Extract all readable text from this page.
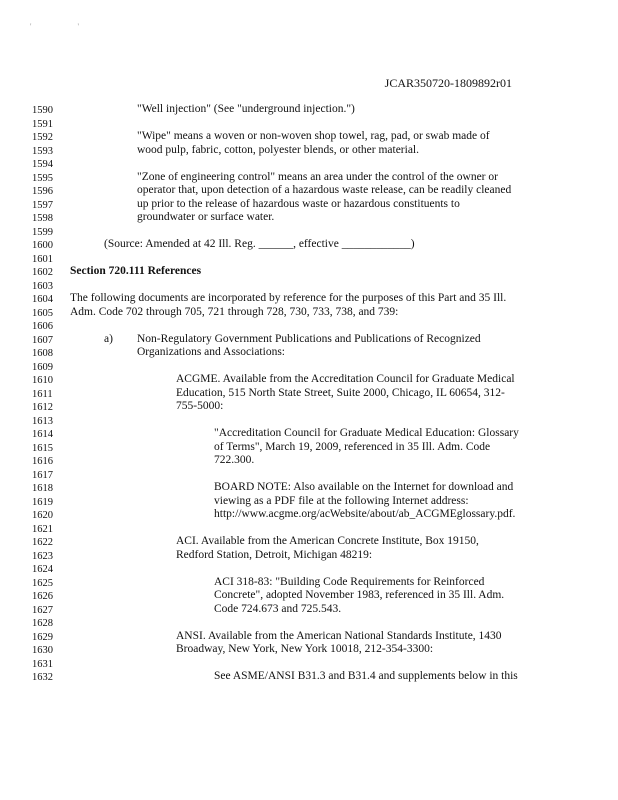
' '
JCAR350720-1809892r01
1590
1591
1592
1593
1594
1595
1596
1597
1598
1599
1600
1601
1602
1603
1604
1605
1606
1607
1608
1609
1610
1611
1612
1613
1614
1615
1616
1617
1618
1619
1620
1621
1622
1623
1624
1625
1626
1627
1628
1629
1630
1631
1632
"Well injection" (See "underground injection.")
"Wipe" means a woven or non-woven shop towel, rag, pad, or swab made of
wood pulp, fabric, cotton, polyester blends, or other material.
"Zone of engineering control" means an area under the control of the owner or
operator that, upon detection of a hazardous waste release, can be readily cleaned
up prior to the release of hazardous waste or hazardous constituents to
groundwater or surface water.
(Source: Amended at 42 Ill. Reg. ______, effective ____________)
Section 720.111 References
The following documents are incorporated by reference for the purposes of this Part and 35 Ill.
Adm. Code 702 through 705, 721 through 728, 730, 733, 738, and 739:
Non-Regulatory Government Publications and Publications of Recognized
Organizations and Associations:
ACGME. Available from the Accreditation Council for Graduate Medical
Education, 515 North State Street, Suite 2000, Chicago, IL 60654, 312-
755-5000:
"Accreditation Council for Graduate Medical Education: Glossary
of Terms", March 19, 2009, referenced in 35 Ill. Adm. Code
722.300.
BOARD NOTE: Also available on the Internet for download and
viewing as a PDF file at the following Internet address:
http://www.acgme.org/acWebsite/about/ab_ACGMEglossary.pdf.
ACI. Available from the American Concrete Institute, Box 19150,
Redford Station, Detroit, Michigan 48219:
ACI 318-83: "Building Code Requirements for Reinforced
Concrete", adopted November 1983, referenced in 35 Ill. Adm.
Code 724.673 and 725.543.
ANSI. Available from the American National Standards Institute, 1430
Broadway, New York, New York 10018, 212-354-3300:
See ASME/ANSI B31.3 and B31.4 and supplements below in this
a)
